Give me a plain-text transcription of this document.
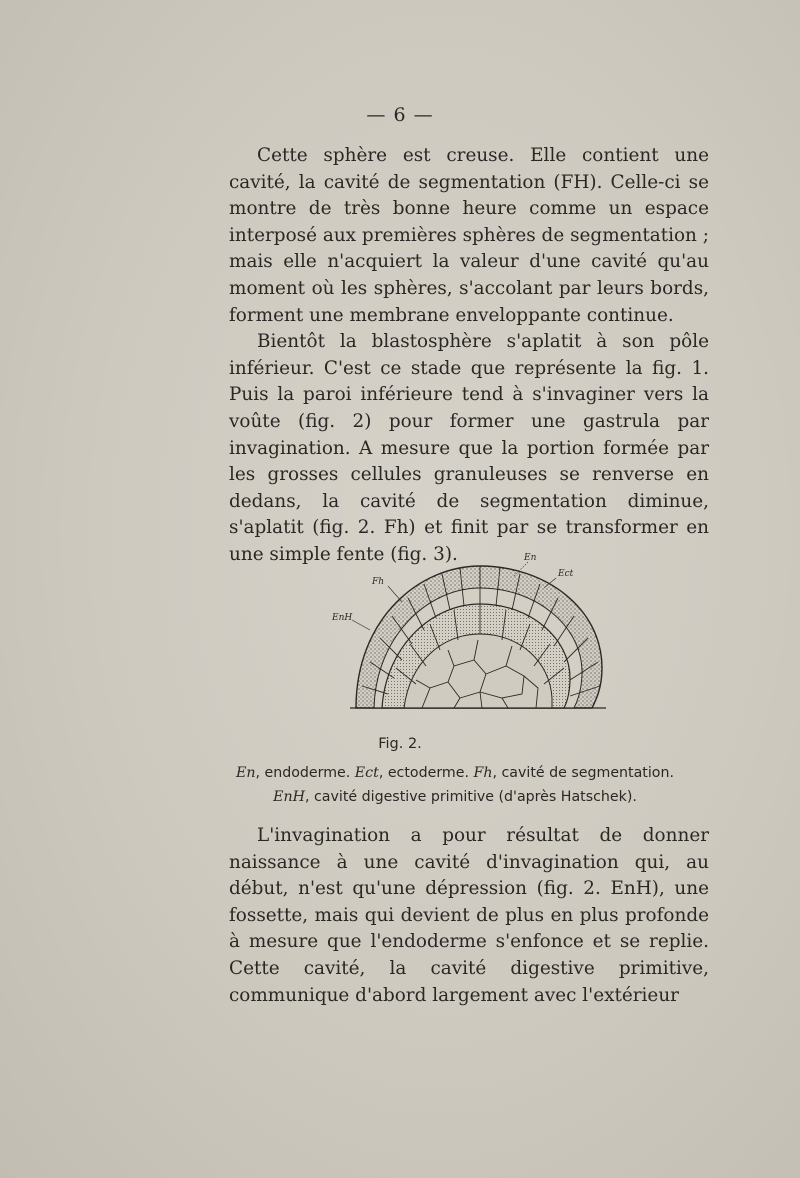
— 6 —

Cette sphère est creuse. Elle contient une cavité, la cavité de segmentation (FH). Celle-ci se montre de très bonne heure comme un espace interposé aux premières sphères de segmentation ; mais elle n'acquiert la valeur d'une cavité qu'au moment où les sphères, s'accolant par leurs bords, forment une membrane enveloppante continue.

Bientôt la blastosphère s'aplatit à son pôle inférieur. C'est ce stade que représente la fig. 1. Puis la paroi inférieure tend à s'invaginer vers la voûte (fig. 2) pour former une gastrula par invagination. A mesure que la portion formée par les grosses cellules granuleuses se renverse en dedans, la cavité de segmentation diminue, s'aplatit (fig. 2. Fh) et finit par se transformer en une simple fente (fig. 3).	En
Ect
Fh
EnH
Fig. 2.
En, endoderme. Ect, ectoderme. Fh, cavité de segmentation.
EnH, cavité digestive primitive (d'après Hatschek).

L'invagination a pour résultat de donner naissance à une cavité d'invagination qui, au début, n'est qu'une dépression (fig. 2. EnH), une fossette, mais qui devient de plus en plus profonde à mesure que l'endoderme s'enfonce et se replie. Cette cavité, la cavité digestive primitive, communique d'abord largement avec l'extérieur
